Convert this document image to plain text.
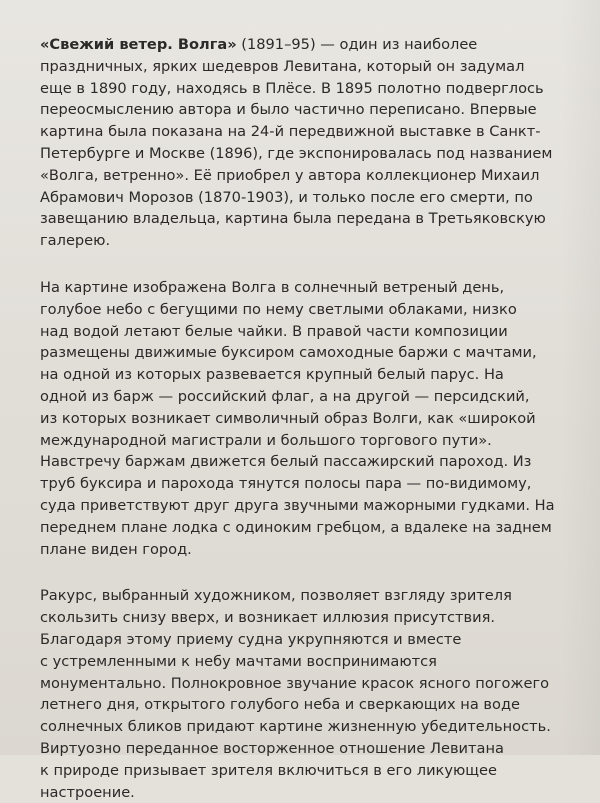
«Свежий ветер. Волга» (1891–95) — один из наиболее
праздничных, ярких шедевров Левитана, который он задумал
еще в 1890 году, находясь в Плёсе. В 1895 полотно подверглось
переосмыслению автора и было частично переписано. Впервые
картина была показана на 24-й передвижной выставке в Санкт-
Петербурге и Москве (1896), где экспонировалась под названием
«Волга, ветренно». Её приобрел у автора коллекционер Михаил
Абрамович Морозов (1870-1903), и только после его смерти, по
завещанию владельца, картина была передана в Третьяковскую
галерею.

На картине изображена Волга в солнечный ветреный день,
голубое небо с бегущими по нему светлыми облаками, низко
над водой летают белые чайки. В правой части композиции
размещены движимые буксиром самоходные баржи с мачтами,
на одной из которых развевается крупный белый парус. На
одной из барж — российский флаг, а на другой — персидский,
из которых возникает символичный образ Волги, как «широкой
международной магистрали и большого торгового пути».
Навстречу баржам движется белый пассажирский пароход. Из
труб буксира и парохода тянутся полосы пара — по-видимому,
суда приветствуют друг друга звучными мажорными гудками. На
переднем плане лодка с одиноким гребцом, а вдалеке на заднем
плане виден город.

Ракурс, выбранный художником, позволяет взгляду зрителя
скользить снизу вверх, и возникает иллюзия присутствия.
Благодаря этому приему судна укрупняются и вместе
с устремленными к небу мачтами воспринимаются
монументально. Полнокровное звучание красок ясного погожего
летнего дня, открытого голубого неба и сверкающих на воде
солнечных бликов придают картине жизненную убедительность.
Виртуозно переданное восторженное отношение Левитана
к природе призывает зрителя включиться в его ликующее
настроение.
